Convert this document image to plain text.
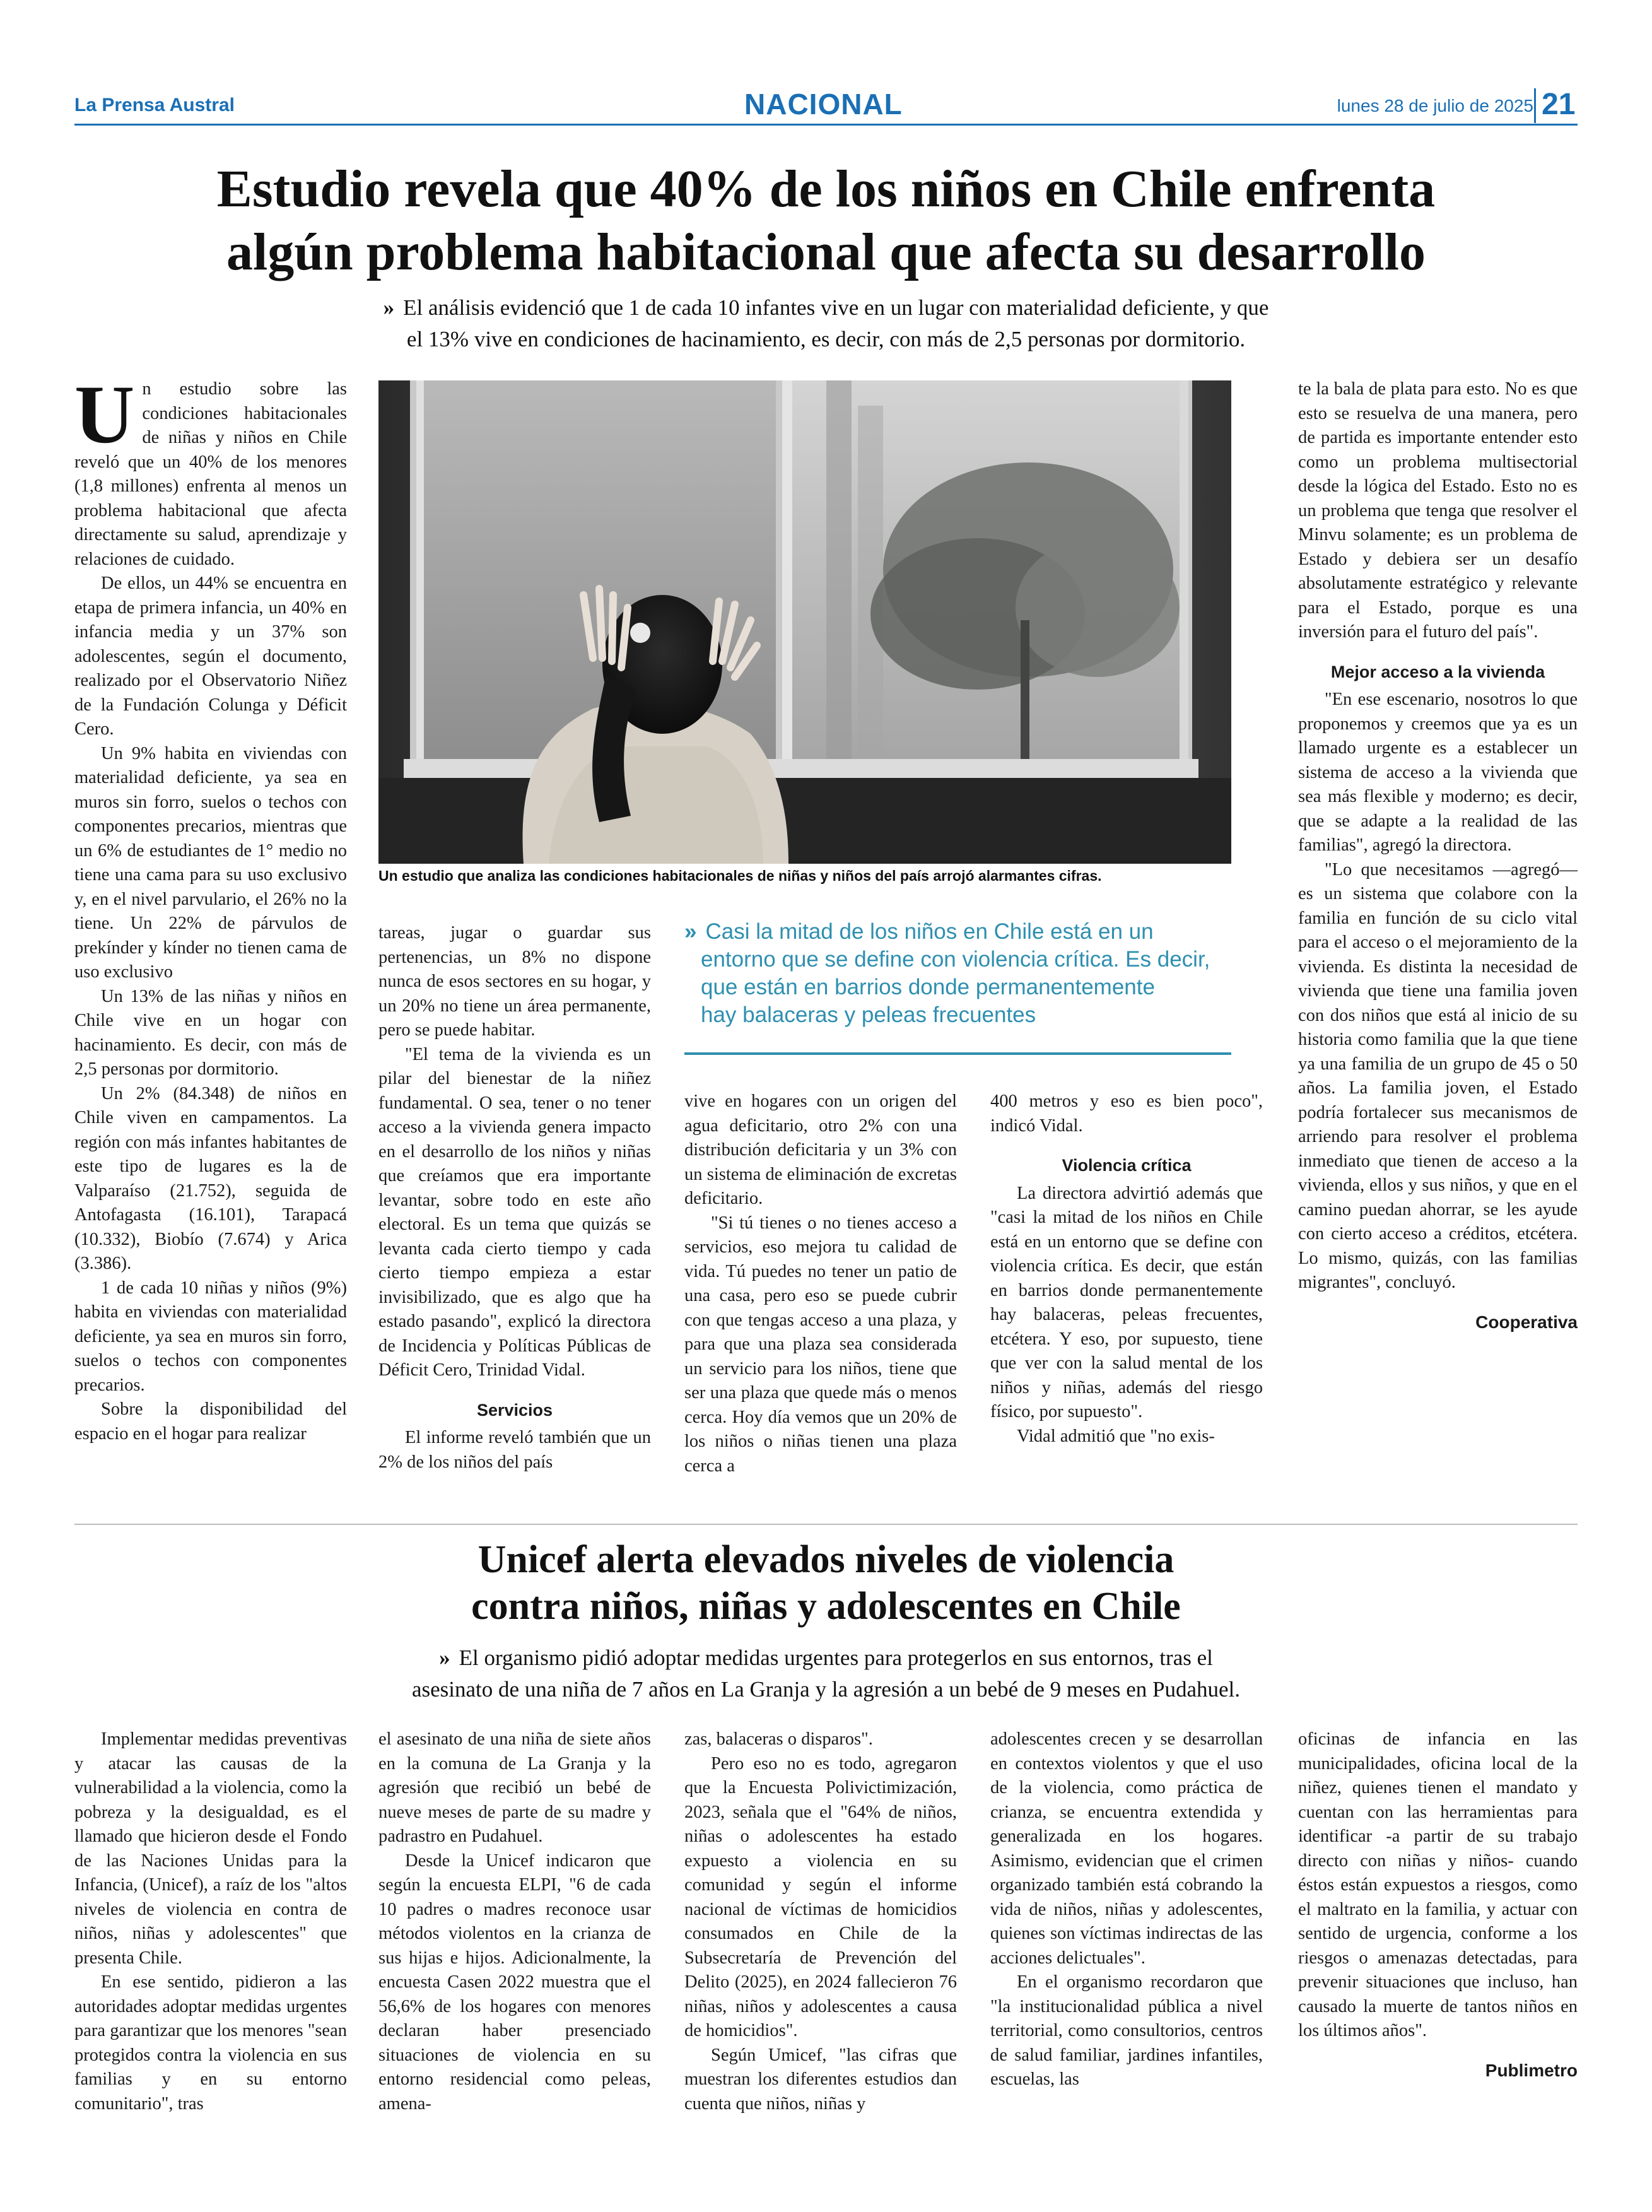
La Prensa Austral	NACIONAL	lunes 28 de julio de 2025 21
Estudio revela que 40% de los niños en Chile enfrenta
algún problema habitacional que afecta su desarrollo
» El análisis evidenció que 1 de cada 10 infantes vive en un lugar con materialidad deficiente, y que
el 13% vive en condiciones de hacinamiento, es decir, con más de 2,5 personas por dormitorio.
Un estudio que analiza las condiciones habitacionales de niñas y niños del país arrojó alarmantes cifras.
» Casi la mitad de los niños en Chile está en un
entorno que se define con violencia crítica. Es decir,
que están en barrios donde permanentemente
hay balaceras y peleas frecuentes

Un estudio sobre las condiciones habitacionales de niñas y niños en Chile reveló que un 40% de los menores (1,8 millones) enfrenta al menos un problema habitacional que afecta directamente su salud, aprendizaje y relaciones de cuidado.

De ellos, un 44% se encuentra en etapa de primera infancia, un 40% en infancia media y un 37% son adolescentes, según el documento, realizado por el Observatorio Niñez de la Fundación Colunga y Déficit Cero.

Un 9% habita en viviendas con materialidad deficiente, ya sea en muros sin forro, suelos o techos con componentes precarios, mientras que un 6% de estudiantes de 1° medio no tiene una cama para su uso exclusivo y, en el nivel parvulario, el 26% no la tiene. Un 22% de párvulos de prekínder y kínder no tienen cama de uso exclusivo

Un 13% de las niñas y niños en Chile vive en un hogar con hacinamiento. Es decir, con más de 2,5 personas por dormitorio.

Un 2% (84.348) de niños en Chile viven en campamentos. La región con más infantes habitantes de este tipo de lugares es la de Valparaíso (21.752), seguida de Antofagasta (16.101), Tarapacá (10.332), Biobío (7.674) y Arica (3.386).

1 de cada 10 niñas y niños (9%) habita en viviendas con materialidad deficiente, ya sea en muros sin forro, suelos o techos con componentes precarios.

Sobre la disponibilidad del espacio en el hogar para realizar

tareas, jugar o guardar sus pertenencias, un 8% no dispone nunca de esos sectores en su hogar, y un 20% no tiene un área permanente, pero se puede habitar.

"El tema de la vivienda es un pilar del bienestar de la niñez fundamental. O sea, tener o no tener acceso a la vivienda genera impacto en el desarrollo de los niños y niñas que creíamos que era importante levantar, sobre todo en este año electoral. Es un tema que quizás se levanta cada cierto tiempo y cada cierto tiempo empieza a estar invisibilizado, que es algo que ha estado pasando", explicó la directora de Incidencia y Políticas Públicas de Déficit Cero, Trinidad Vidal.

Servicios

El informe reveló también que un 2% de los niños del país

vive en hogares con un origen del agua deficitario, otro 2% con una distribución deficitaria y un 3% con un sistema de eliminación de excretas deficitario.

"Si tú tienes o no tienes acceso a servicios, eso mejora tu calidad de vida. Tú puedes no tener un patio de una casa, pero eso se puede cubrir con que tengas acceso a una plaza, y para que una plaza sea considerada un servicio para los niños, tiene que ser una plaza que quede más o menos cerca. Hoy día vemos que un 20% de los niños o niñas tienen una plaza cerca a

400 metros y eso es bien poco", indicó Vidal.

Violencia crítica

La directora advirtió además que "casi la mitad de los niños en Chile está en un entorno que se define con violencia crítica. Es decir, que están en barrios donde permanentemente hay balaceras, peleas frecuentes, etcétera. Y eso, por supuesto, tiene que ver con la salud mental de los niños y niñas, además del riesgo físico, por supuesto".

Vidal admitió que "no exis-

te la bala de plata para esto. No es que esto se resuelva de una manera, pero de partida es importante entender esto como un problema multisectorial desde la lógica del Estado. Esto no es un problema que tenga que resolver el Minvu solamente; es un problema de Estado y debiera ser un desafío absolutamente estratégico y relevante para el Estado, porque es una inversión para el futuro del país".

Mejor acceso a la vivienda

"En ese escenario, nosotros lo que proponemos y creemos que ya es un llamado urgente es a establecer un sistema de acceso a la vivienda que sea más flexible y moderno; es decir, que se adapte a la realidad de las familias", agregó la directora.

"Lo que necesitamos —agregó— es un sistema que colabore con la familia en función de su ciclo vital para el acceso o el mejoramiento de la vivienda. Es distinta la necesidad de vivienda que tiene una familia joven con dos niños que está al inicio de su historia como familia que la que tiene ya una familia de un grupo de 45 o 50 años. La familia joven, el Estado podría fortalecer sus mecanismos de arriendo para resolver el problema inmediato que tienen de acceso a la vivienda, ellos y sus niños, y que en el camino puedan ahorrar, se les ayude con cierto acceso a créditos, etcétera. Lo mismo, quizás, con las familias migrantes", concluyó.

Cooperativa

Unicef alerta elevados niveles de violencia
contra niños, niñas y adolescentes en Chile
» El organismo pidió adoptar medidas urgentes para protegerlos en sus entornos, tras el
asesinato de una niña de 7 años en La Granja y la agresión a un bebé de 9 meses en Pudahuel.

Implementar medidas preventivas y atacar las causas de la vulnerabilidad a la violencia, como la pobreza y la desigualdad, es el llamado que hicieron desde el Fondo de las Naciones Unidas para la Infancia, (Unicef), a raíz de los "altos niveles de violencia en contra de niños, niñas y adolescentes" que presenta Chile.

En ese sentido, pidieron a las autoridades adoptar medidas urgentes para garantizar que los menores "sean protegidos contra la violencia en sus familias y en su entorno comunitario", tras

el asesinato de una niña de siete años en la comuna de La Granja y la agresión que recibió un bebé de nueve meses de parte de su madre y padrastro en Pudahuel.

Desde la Unicef indicaron que según la encuesta ELPI, "6 de cada 10 padres o madres reconoce usar métodos violentos en la crianza de sus hijas e hijos. Adicionalmente, la encuesta Casen 2022 muestra que el 56,6% de los hogares con menores declaran haber presenciado situaciones de violencia en su entorno residencial como peleas, amena-

zas, balaceras o disparos".

Pero eso no es todo, agregaron que la Encuesta Polivictimización, 2023, señala que el "64% de niños, niñas o adolescentes ha estado expuesto a violencia en su comunidad y según el informe nacional de víctimas de homicidios consumados en Chile de la Subsecretaría de Prevención del Delito (2025), en 2024 fallecieron 76 niñas, niños y adolescentes a causa de homicidios".

Según Umicef, "las cifras que muestran los diferentes estudios dan cuenta que niños, niñas y

adolescentes crecen y se desarrollan en contextos violentos y que el uso de la violencia, como práctica de crianza, se encuentra extendida y generalizada en los hogares. Asimismo, evidencian que el crimen organizado también está cobrando la vida de niños, niñas y adolescentes, quienes son víctimas indirectas de las acciones delictuales".

En el organismo recordaron que "la institucionalidad pública a nivel territorial, como consultorios, centros de salud familiar, jardines infantiles, escuelas, las

oficinas de infancia en las municipalidades, oficina local de la niñez, quienes tienen el mandato y cuentan con las herramientas para identificar -a partir de su trabajo directo con niñas y niños- cuando éstos están expuestos a riesgos, como el maltrato en la familia, y actuar con sentido de urgencia, conforme a los riesgos o amenazas detectadas, para prevenir situaciones que incluso, han causado la muerte de tantos niños en los últimos años".

Publimetro
